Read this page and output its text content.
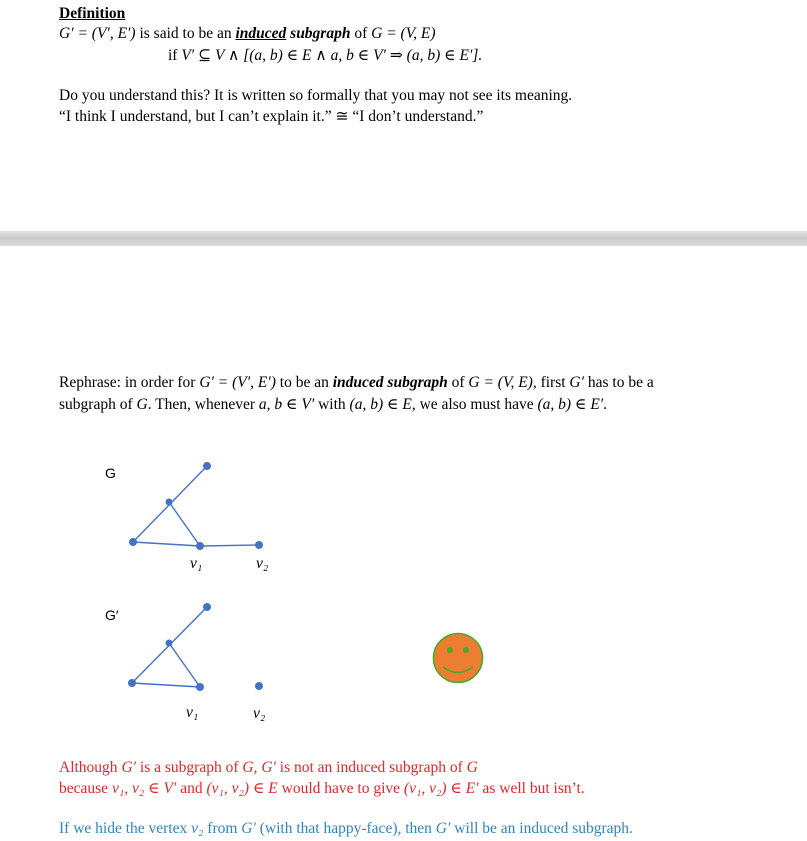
Definition
G′ = (V′, E′) is said to be an induced subgraph of G = (V, E)
if V′ ⊆ V ∧ [(a, b) ∈ E ∧ a, b ∈ V′ ⇒ (a, b) ∈ E′].
Do you understand this? It is written so formally that you may not see its meaning.
“I think I understand, but I can’t explain it.” ≅ “I don’t understand.”
Rephrase: in order for G′ = (V′, E′) to be an induced subgraph of G = (V, E), first G′ has to be a
subgraph of G. Then, whenever a, b ∈ V′ with (a, b) ∈ E, we also must have (a, b) ∈ E′.
G
v₁	v₂
G′
v₁	v₂
Although G′ is a subgraph of G, G′ is not an induced subgraph of G
because v₁, v₂ ∈ V′ and (v₁, v₂) ∈ E would have to give (v₁, v₂) ∈ E′ as well but isn’t.
If we hide the vertex v₂ from G′ (with that happy-face), then G′ will be an induced subgraph.
